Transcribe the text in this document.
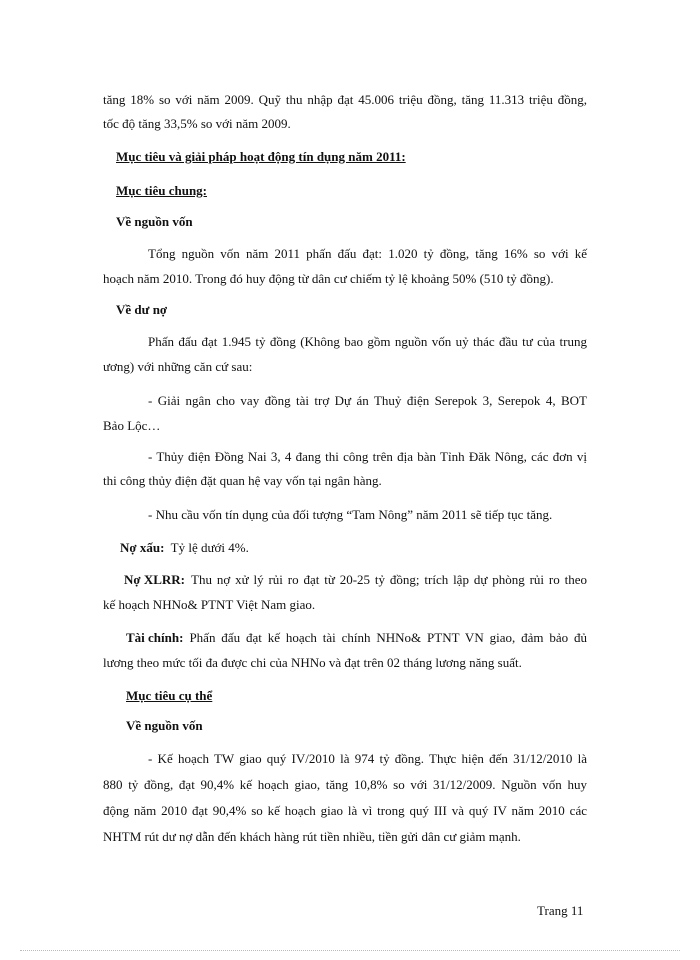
tăng 18% so với năm 2009. Quỹ thu nhập đạt 45.006 triệu đồng, tăng 11.313 triệu đồng,
tốc độ tăng 33,5% so với năm 2009.
Mục tiêu và giải pháp hoạt động tín dụng năm 2011:
Mục tiêu chung:
Về nguồn vốn
Tổng nguồn vốn năm 2011 phấn đấu đạt: 1.020 tỷ đồng, tăng 16% so với kế
hoạch năm 2010. Trong đó huy động từ dân cư chiếm tỷ lệ khoảng 50% (510 tỷ đồng).
Về dư nợ
Phấn đấu đạt 1.945 tỷ đồng (Không bao gồm nguồn vốn uỷ thác đầu tư của trung
ương) với những căn cứ sau:
- Giải ngân cho vay đồng tài trợ Dự án Thuỷ điện Serepok 3, Serepok 4, BOT
Bảo Lộc…
- Thủy điện Đồng Nai 3, 4 đang thi công trên địa bàn Tỉnh Đăk Nông, các đơn vị
thi công thủy điện đặt quan hệ vay vốn tại ngân hàng.
- Nhu cầu vốn tín dụng của đối tượng “Tam Nông” năm 2011 sẽ tiếp tục tăng.
Nợ xấu: Tỷ lệ dưới 4%.
Nợ XLRR: Thu nợ xử lý rủi ro đạt từ 20-25 tỷ đồng; trích lập dự phòng rủi ro theo
kế hoạch NHNo& PTNT Việt Nam giao.
Tài chính: Phấn đấu đạt kế hoạch tài chính NHNo& PTNT VN giao, đảm bảo đủ
lương theo mức tối đa được chi của NHNo và đạt trên 02 tháng lương năng suất.
Mục tiêu cụ thể
Về nguồn vốn
- Kế hoạch TW giao quý IV/2010 là 974 tỷ đồng. Thực hiện đến 31/12/2010 là
880 tỷ đồng, đạt 90,4% kế hoạch giao, tăng 10,8% so với 31/12/2009. Nguồn vốn huy
động năm 2010 đạt 90,4% so kế hoạch giao là vì trong quý III và quý IV năm 2010 các
NHTM rút dư nợ dẫn đến khách hàng rút tiền nhiều, tiền gửi dân cư giảm mạnh.
Trang 11
